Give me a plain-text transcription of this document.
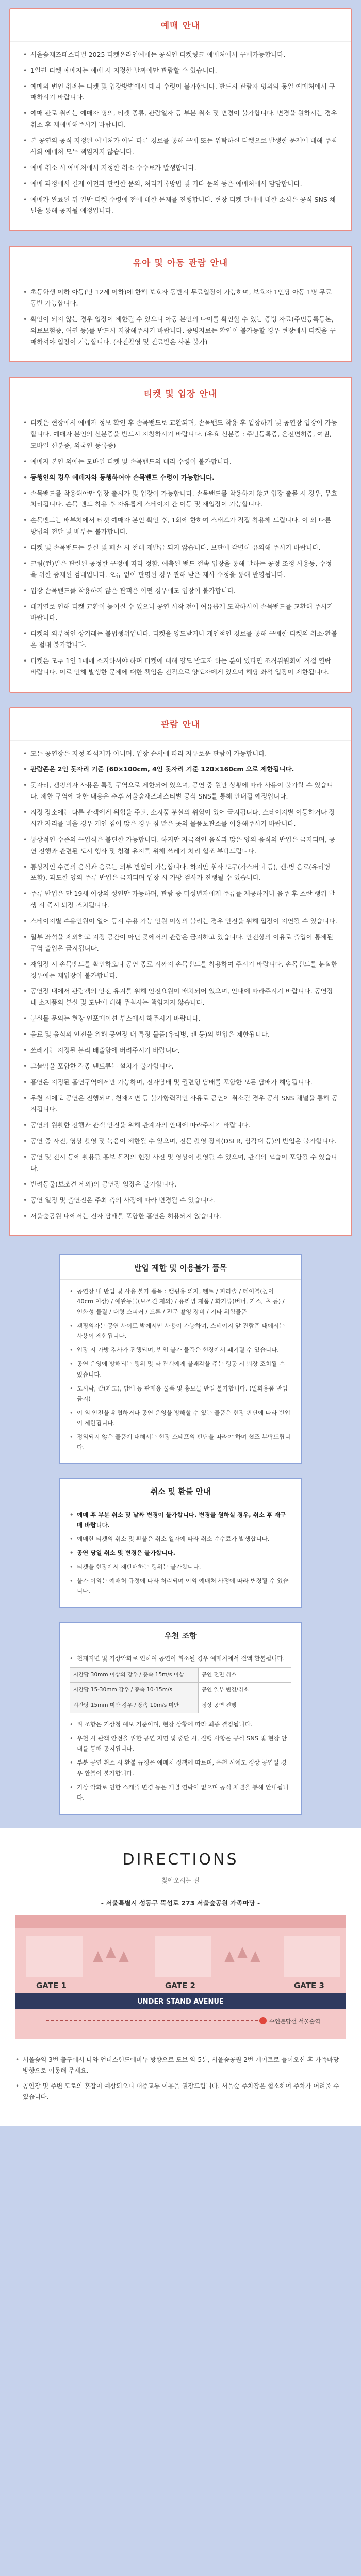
예매 안내
• 서울숲재즈페스티벌 2025 티켓온라인예매는 공식인 티켓링크 예매처에서 구매가능합니다.
• 1일권 티켓 예매자는 예매 시 지정한 날짜에만 관람할 수 있습니다.
• 예매의 변인 취례는 티켓 및 입장방법에서 대리 수령이 불가합니다. 반드시 관람자 명의와 동일 예매처에서 구매하시기 바랍니다.
• 예매 관로 취례는 예매자 명의, 티켓 종류, 관람일자 등 부분 취소 및 변경이 불가합니다. 변경을 원하시는 경우 취소 후 재예매해주시기 바랍니다.
• 본 공연의 공식 지정된 예매처가 아닌 다른 경로를 통해 구매 또는 위탁하신 티켓으로 발생한 문제에 대해 주최사와 예매처 모두 책임지지 않습니다.
• 예매 취소 시 예매처에서 지정한 취소 수수료가 발생합니다.
• 예매 과정에서 결제 이전과 관련한 문의, 처리기록방법 및 기타 문의 등은 예매처에서 담당합니다.
• 예매가 완료된 뒤 일반 티켓 수령에 전에 대한 문제를 진행합니다. 현장 티켓 판매에 대한 소식은 공식 SNS 채널을 통해 공지될 예정입니다.
유아 및 아동 관람 안내
• 초등학생 이하 아동(만 12세 이하)에 한해 보호자 동반시 무료입장이 가능하며, 보호자 1인당 아동 1명 무료 동반 가능합니다.
• 확인이 되지 않는 경우 입장이 제한될 수 있으니 아동 본인의 나이를 확인할 수 있는 증빙 자료(주민등록등본, 의료보험증, 여권 등)를 반드시 지참해주시기 바랍니다. 증빙자료는 확인이 불가능할 경우 현장에서 티켓을 구매하셔야 입장이 가능합니다. (사진촬영 및 진료받은 사본 불가)
티켓 및 입장 안내
• 티켓은 현장에서 예매자 정보 확인 후 손목밴드로 교환되며, 손목밴드 착용 후 입장하기 및 공연장 입장이 가능합니다. 예매자 본인의 신분증을 반드시 지참하시기 바랍니다. (유효 신분증 : 주민등록증, 운전면허증, 여권, 모바일 신분증, 외국인 등록증)
• 예매자 본인 외에는 모바일 티켓 및 손목밴드의 대리 수령이 불가합니다.
• 동행인의 경우 예매자와 동행하여야 손목밴드 수령이 가능합니다.
• 손목밴드를 착용해야만 입장 출시가 및 입장이 가능합니다. 손목밴드를 착용하지 않고 입장 출몰 시 경우, 무효 처리됩니다. 손목 밴드 착용 후 자유롭게 스테이지 간 이동 및 재입장이 가능합니다.
• 손목밴드는 배부처에서 티켓 예매자 본인 확인 후, 1회에 한하여 스태프가 직접 착용해 드립니다. 이 외 다른 방법의 전달 및 배부는 불가합니다.
• 티켓 및 손목밴드는 분실 및 훼손 시 절대 재발급 되지 않습니다. 보관에 각별히 유의해 주시기 바랍니다.
• 크림(컨)밀은 관련된 공정한 규정에 따라 정함. 예측된 밴드 절속 입장을 통해 말하는 공정 조정 사용등, 수정을 위한 중재된 검대입니다. 오류 없이 판명된 경우 관해 받은 제사 수정을 통해 반영됩니다.
• 입장 손목밴드를 착용하지 않은 관객은 어떤 경우에도 입장이 불가합니다.
• 대기열로 인해 티켓 교환이 늦어질 수 있으니 공연 시작 전에 여유롭게 도착하시어 손목밴드를 교환해 주시기 바랍니다.
• 티켓의 외부적인 상거래는 불법행위입니다. 티켓을 양도받거나 개인적인 경로를 통해 구매한 티켓의 취소·환불은 절대 불가합니다.
• 티켓은 모두 1인 1매에 소지하셔야 하며 티켓에 대해 양도 받고자 하는 분이 있다면 조직위원회에 직접 연락 바랍니다. 이로 인해 발생한 문제에 대한 책임은 전적으로 양도자에게 있으며 해당 좌석 입장이 제한됩니다.
관람 안내
• 모든 공연장은 지정 좌석제가 아니며, 입장 순서에 따라 자유로운 관람이 가능합니다.
• 관람존은 2인 돗자리 기준 (60×100cm, 4인 돗자리 기준 120×160cm 으로 제한됩니다.
• 돗자리, 캠핑의자 사용은 특정 구역으로 제한되어 있으며, 공연 중 원만 상황에 따라 사용이 불가할 수 있습니다. 제한 구역에 대한 내용은 추후 서울숲재즈페스티벌 공식 SNS를 통해 안내될 예정입니다.
• 지정 장소에는 다른 관객에게 위협을 주고, 소지품 분실의 위험이 있어 금지됩니다. 스테이지별 이동하거나 장시간 자리를 비울 경우 개인 짐이 많은 경우 짐 맡은 곳의 물품보관소를 이용해주시기 바랍니다.
• 통상적인 수준의 구입식은 불편한 가능합니다. 하지만 자극적인 음식과 많은 양의 음식의 반입은 금지되며, 공연 진행과 관련된 도시 행사 및 청결 유지를 위해 쓰레기 처리 협조 부탁드립니다.
• 통상적인 수준의 음식과 음료는 외부 반입이 가능합니다. 하지만 취사 도구(가스버너 등), 캔·병 음료(유리병 포함), 과도한 양의 주류 반입은 금지되며 입장 시 가방 검사가 진행될 수 있습니다.
• 주류 반입은 만 19세 이상의 성인만 가능하며, 관람 중 미성년자에게 주류를 제공하거나 음주 후 소란 행위 발생 시 즉시 퇴장 조치됩니다.
• 스테이지별 수용인원이 일어 등시 수용 가능 인원 이상의 불리는 경우 안전을 위해 입장이 지연될 수 있습니다.
• 일부 좌석을 제외하고 지정 공간이 아닌 곳에서의 관람은 금지하고 있습니다. 안전상의 이유로 출입이 통제된 구역 출입은 금지됩니다.
• 재입장 시 손목밴드를 확인하오니 공연 종료 시까지 손목밴드를 착용하여 주시기 바랍니다. 손목밴드를 분실한 경우에는 재입장이 불가합니다.
• 공연장 내에서 관람객의 안전 유지를 위해 안전요원이 배치되어 있으며, 안내에 따라주시기 바랍니다. 공연장 내 소지품의 분실 및 도난에 대해 주최사는 책임지지 않습니다.
• 분실물 문의는 현장 인포메이션 부스에서 해주시기 바랍니다.
• 음료 및 음식의 안전을 위해 공연장 내 특정 물품(유리병, 캔 등)의 반입은 제한됩니다.
• 쓰레기는 지정된 분리 배출함에 버려주시기 바랍니다.
• 그늘막을 포함한 각종 텐트류는 설치가 불가합니다.
• 흡연은 지정된 흡연구역에서만 가능하며, 전자담배 및 궐련형 담배를 포함한 모든 담배가 해당됩니다.
• 우천 시에도 공연은 진행되며, 천재지변 등 불가항력적인 사유로 공연이 취소될 경우 공식 SNS 채널을 통해 공지됩니다.
• 공연의 원활한 진행과 관객 안전을 위해 관계자의 안내에 따라주시기 바랍니다.
• 공연 중 사진, 영상 촬영 및 녹음이 제한될 수 있으며, 전문 촬영 장비(DSLR, 삼각대 등)의 반입은 불가합니다.
• 공연 및 전시 등에 활용될 홍보 목적의 현장 사진 및 영상이 촬영될 수 있으며, 관객의 모습이 포함될 수 있습니다.
• 반려동물(보조견 제외)의 공연장 입장은 불가합니다.
• 공연 일정 및 출연진은 주최 측의 사정에 따라 변경될 수 있습니다.
• 서울숲공원 내에서는 전자 담배를 포함한 흡연은 허용되지 않습니다.
반입 제한 및 이용불가 품목
• 공연장 내 반입 및 사용 불가 품목 : 캠핑용 의자, 텐트 / 파라솔 / 테이블(높이 40cm 이상) / 애완동물(보조견 제외) / 유리병 제품 / 화기류(버너, 가스, 초 등) / 인화성 물질 / 대형 스피커 / 드론 / 전문 촬영 장비 / 기타 위험물품
• 캠핑의자는 공연 사이트 밖에서만 사용이 가능하며, 스테이지 앞 관람존 내에서는 사용이 제한됩니다.
• 입장 시 가방 검사가 진행되며, 반입 불가 물품은 현장에서 폐기될 수 있습니다.
• 공연 운영에 방해되는 행위 및 타 관객에게 불쾌감을 주는 행동 시 퇴장 조치될 수 있습니다.
• 도시락, 칼(과도), 담배 등 판매용 물품 및 홍보물 반입 불가합니다. (일회용품 반입 금지)
• 이 외 안전을 위협하거나 공연 운영을 방해할 수 있는 물품은 현장 판단에 따라 반입이 제한됩니다.
• 정의되지 않은 물품에 대해서는 현장 스태프의 판단을 따라야 하며 협조 부탁드립니다.
취소 및 환불 안내
• 예매 후 부분 취소 및 날짜 변경이 불가합니다. 변경을 원하실 경우, 취소 후 재구매 바랍니다.
• 예매한 티켓의 취소 및 환불은 취소 일자에 따라 취소 수수료가 발생합니다.
• 공연 당일 취소 및 변경은 불가합니다.
• 티켓을 현장에서 재판매하는 행위는 불가합니다.
• 불가 이외는 예매처 규정에 따라 처리되며 이외 예매처 사정에 따라 변경될 수 있습니다.
우천 조항
• 천재지변 및 기상악화로 인하여 공연이 취소될 경우 예매처에서 전액 환불됩니다.
시간당 30mm 이상의 강우 / 풍속 15m/s 이상	공연 전면 취소
시간당 15-30mm 강우 / 풍속 10-15m/s	공연 일부 변경/취소
시간당 15mm 미만 강우 / 풍속 10m/s 미만	정상 공연 진행
• 위 조항은 기상청 예보 기준이며, 현장 상황에 따라 최종 결정됩니다.
• 우천 시 관객 안전을 위한 공연 지연 및 중단 시, 진행 사항은 공식 SNS 및 현장 안내를 통해 공지됩니다.
• 부분 공연 취소 시 환불 규정은 예매처 정책에 따르며, 우천 시에도 정상 공연일 경우 환불이 불가합니다.
• 기상 악화로 인한 스케줄 변경 등은 개별 연락이 없으며 공식 채널을 통해 안내됩니다.
DIRECTIONS
찾아오시는 길
- 서울특별시 성동구 뚝섬로 273 서울숲공원 가족마당 -
GATE 1	GATE 2	GATE 3
UNDER STAND AVENUE
수인분당선 서울숲역
• 서울숲역 3번 출구에서 나와 언더스탠드에비뉴 방향으로 도보 약 5분, 서울숲공원 2번 게이트로 들어오신 후 가족마당 방향으로 이동해 주세요.
• 공연장 및 주변 도로의 혼잡이 예상되오니 대중교통 이용을 권장드립니다. 서울숲 주차장은 협소하여 주차가 어려울 수 있습니다.
